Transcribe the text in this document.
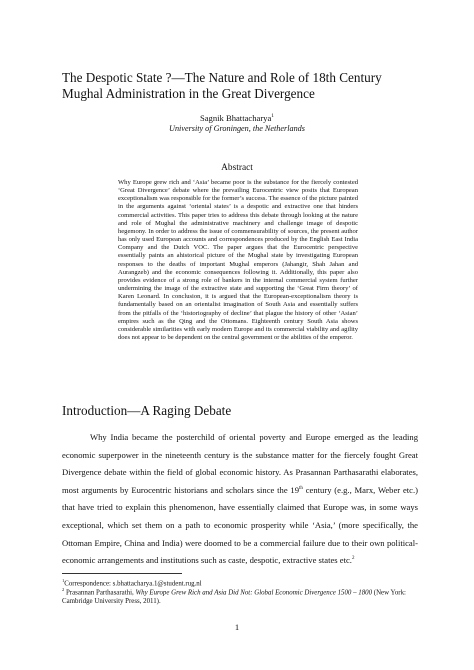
The Despotic State ?—The Nature and Role of 18th Century Mughal Administration in the Great Divergence
Sagnik Bhattacharya$^1$
University of Groningen, the Netherlands
Abstract

Why Europe grew rich and ‘Asia’ became poor is the substance for the fiercely contested ‘Great Divergence’ debate where the prevailing Eurocentric view posits that European exceptionalism was responsible for the former’s success. The essence of the picture painted in the arguments against ‘oriental states’ is a despotic and extractive one that hinders commercial activities. This paper tries to address this debate through looking at the nature and role of Mughal the administrative machinery and challenge image of despotic hegemony. In order to address the issue of commensurability of sources, the present author has only used European accounts and correspondences produced by the English East India Company and the Dutch VOC. The paper argues that the Eurocentric perspective essentially paints an ahistorical picture of the Mughal state by investigating European responses to the deaths of important Mughal emperors (Jahangir, Shah Jahan and Aurangzeb) and the economic consequences following it. Additionally, this paper also provides evidence of a strong role of bankers in the internal commercial system further undermining the image of the extractive state and supporting the ‘Great Firm theory’ of Karen Leonard. In conclusion, it is argued that the European-exceptionalism theory is fundamentally based on an orientalist imagination of South Asia and essentially suffers from the pitfalls of the ‘historiography of decline’ that plague the history of other ‘Asian’ empires such as the Qing and the Ottomans. Eighteenth century South Asia shows considerable similarities with early modern Europe and its commercial viability and agility does not appear to be dependent on the central government or the abilities of the emperor.

Introduction—A Raging Debate

Why India became the posterchild of oriental poverty and Europe emerged as the leading economic superpower in the nineteenth century is the substance matter for the fiercely fought Great Divergence debate within the field of global economic history. As Prasannan Parthasarathi elaborates, most arguments by Eurocentric historians and scholars since the 19th century (e.g., Marx, Weber etc.) that have tried to explain this phenomenon, have essentially claimed that Europe was, in some ways exceptional, which set them on a path to economic prosperity while ‘Asia,’ (more specifically, the Ottoman Empire, China and India) were doomed to be a commercial failure due to their own political-economic arrangements and institutions such as caste, despotic, extractive states etc.$^2$

$^1$Correspondence: s.bhattacharya.1@student.rug.nl

$^2$ Prasannan Parthasarathi, Why Europe Grew Rich and Asia Did Not: Global Economic Divergence 1500 – 1800 (New York: Cambridge University Press, 2011).

1
